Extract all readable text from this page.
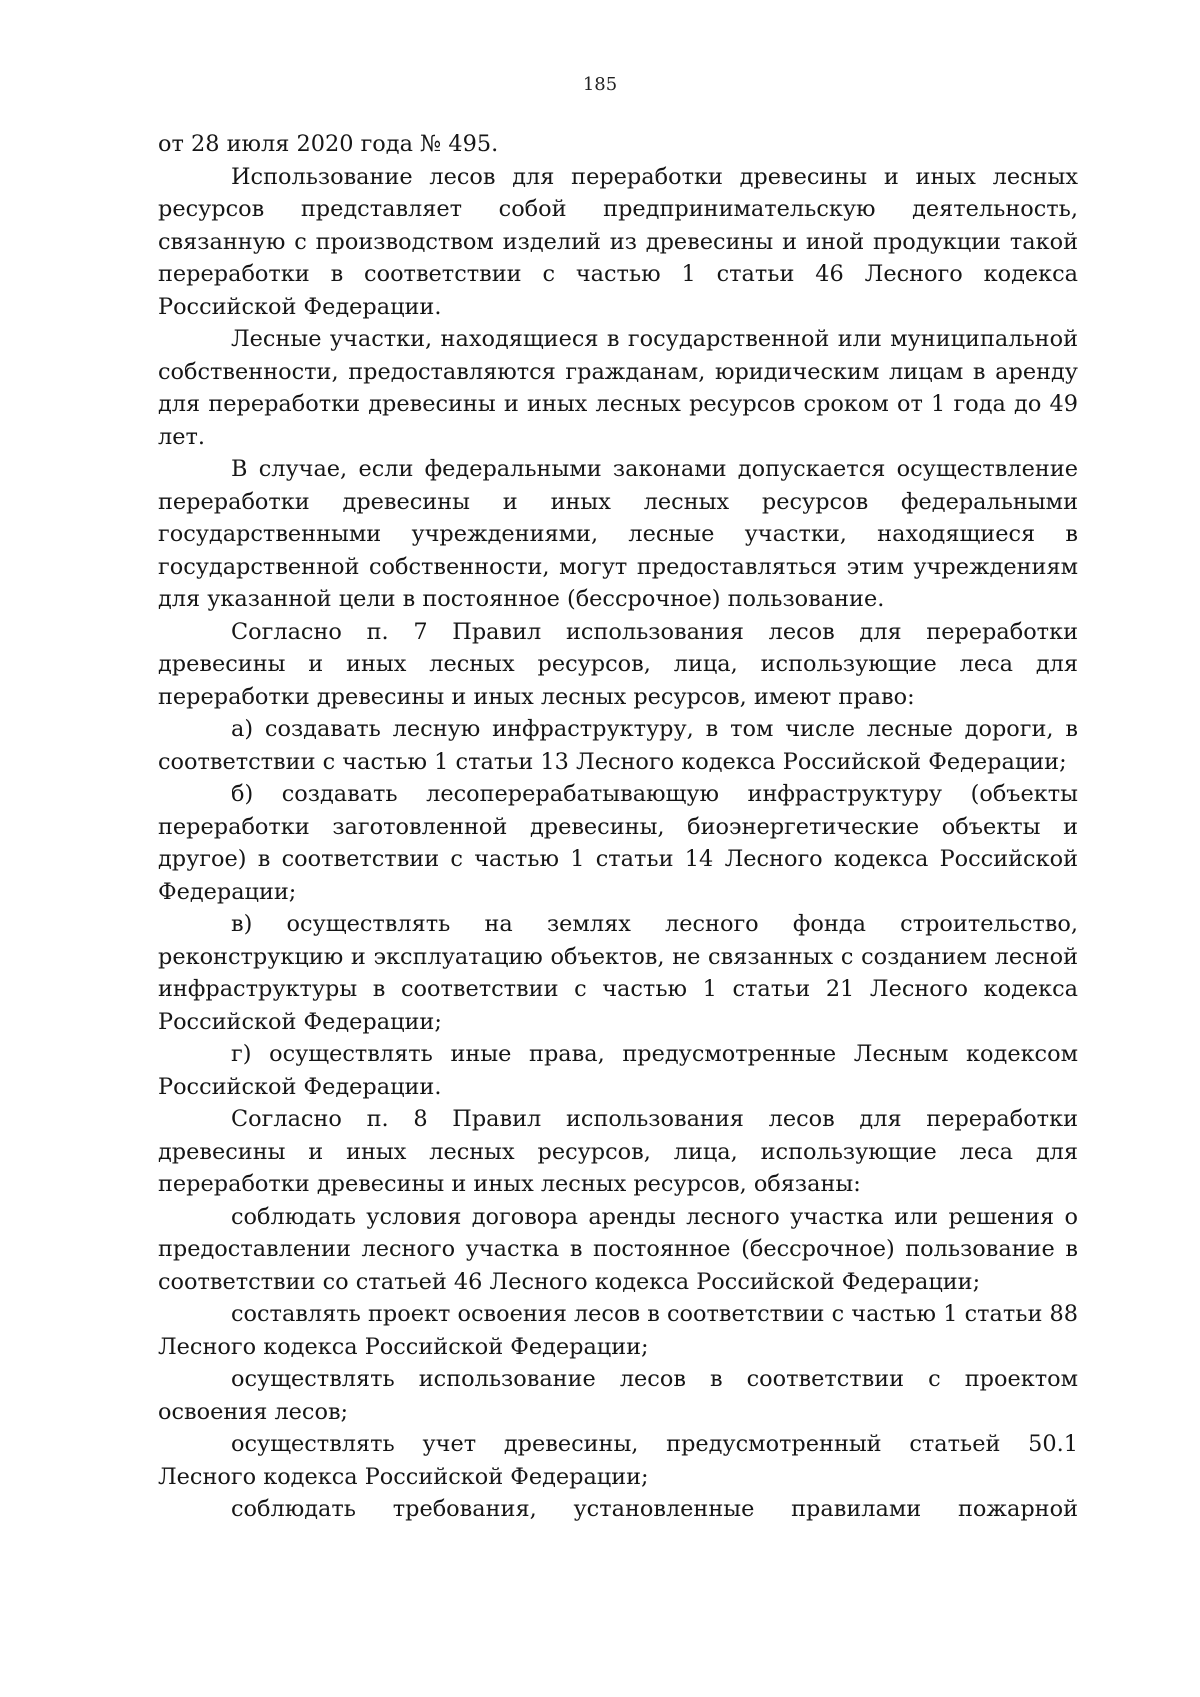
185

от 28 июля 2020 года № 495.

Использование лесов для переработки древесины и иных лесных ресурсов представляет собой предпринимательскую деятельность, связанную с производством изделий из древесины и иной продукции такой переработки в соответствии с частью 1 статьи 46 Лесного кодекса Российской Федерации.

Лесные участки, находящиеся в государственной или муниципальной собственности, предоставляются гражданам, юридическим лицам в аренду для переработки древесины и иных лесных ресурсов сроком от 1 года до 49 лет.

В случае, если федеральными законами допускается осуществление переработки древесины и иных лесных ресурсов федеральными государственными учреждениями, лесные участки, находящиеся в государственной собственности, могут предоставляться этим учреждениям для указанной цели в постоянное (бессрочное) пользование.

Согласно п. 7 Правил использования лесов для переработки древесины и иных лесных ресурсов, лица, использующие леса для переработки древесины и иных лесных ресурсов, имеют право:

а) создавать лесную инфраструктуру, в том числе лесные дороги, в соответствии с частью 1 статьи 13 Лесного кодекса Российской Федерации;

б) создавать лесоперерабатывающую инфраструктуру (объекты переработки заготовленной древесины, биоэнергетические объекты и другое) в соответствии с частью 1 статьи 14 Лесного кодекса Российской Федерации;

в) осуществлять на землях лесного фонда строительство, реконструкцию и эксплуатацию объектов, не связанных с созданием лесной инфраструктуры в соответствии с частью 1 статьи 21 Лесного кодекса Российской Федерации;

г) осуществлять иные права, предусмотренные Лесным кодексом Российской Федерации.

Согласно п. 8 Правил использования лесов для переработки древесины и иных лесных ресурсов, лица, использующие леса для переработки древесины и иных лесных ресурсов, обязаны:

соблюдать условия договора аренды лесного участка или решения о предоставлении лесного участка в постоянное (бессрочное) пользование в соответствии со статьей 46 Лесного кодекса Российской Федерации;

составлять проект освоения лесов в соответствии с частью 1 статьи 88 Лесного кодекса Российской Федерации;

осуществлять использование лесов в соответствии с проектом освоения лесов;

осуществлять учет древесины, предусмотренный статьей 50.1 Лесного кодекса Российской Федерации;

соблюдать требования, установленные правилами пожарной
